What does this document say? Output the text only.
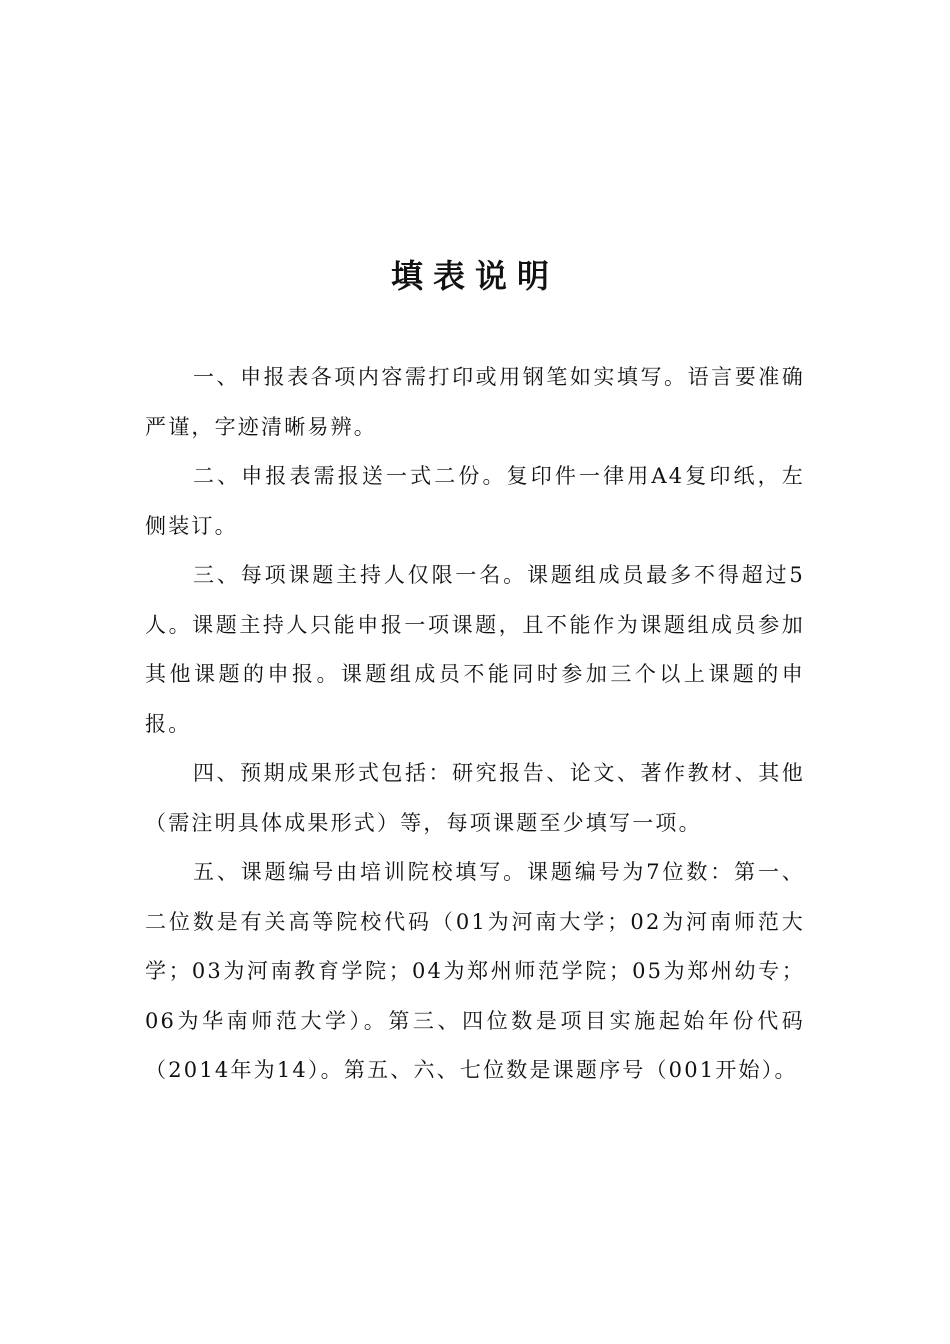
填表说明

一、申报表各项内容需打印或用钢笔如实填写。语言要准确严谨，字迹清晰易辨。

二、申报表需报送一式二份。复印件一律用A4复印纸，左侧装订。

三、每项课题主持人仅限一名。课题组成员最多不得超过5人。课题主持人只能申报一项课题，且不能作为课题组成员参加其他课题的申报。课题组成员不能同时参加三个以上课题的申报。

四、预期成果形式包括：研究报告、论文、著作教材、其他（需注明具体成果形式）等，每项课题至少填写一项。

五、课题编号由培训院校填写。课题编号为7位数：第一、二位数是有关高等院校代码（01为河南大学；02为河南师范大学；03为河南教育学院；04为郑州师范学院；05为郑州幼专；06为华南师范大学）。第三、四位数是项目实施起始年份代码（2014年为14）。第五、六、七位数是课题序号（001开始）。
